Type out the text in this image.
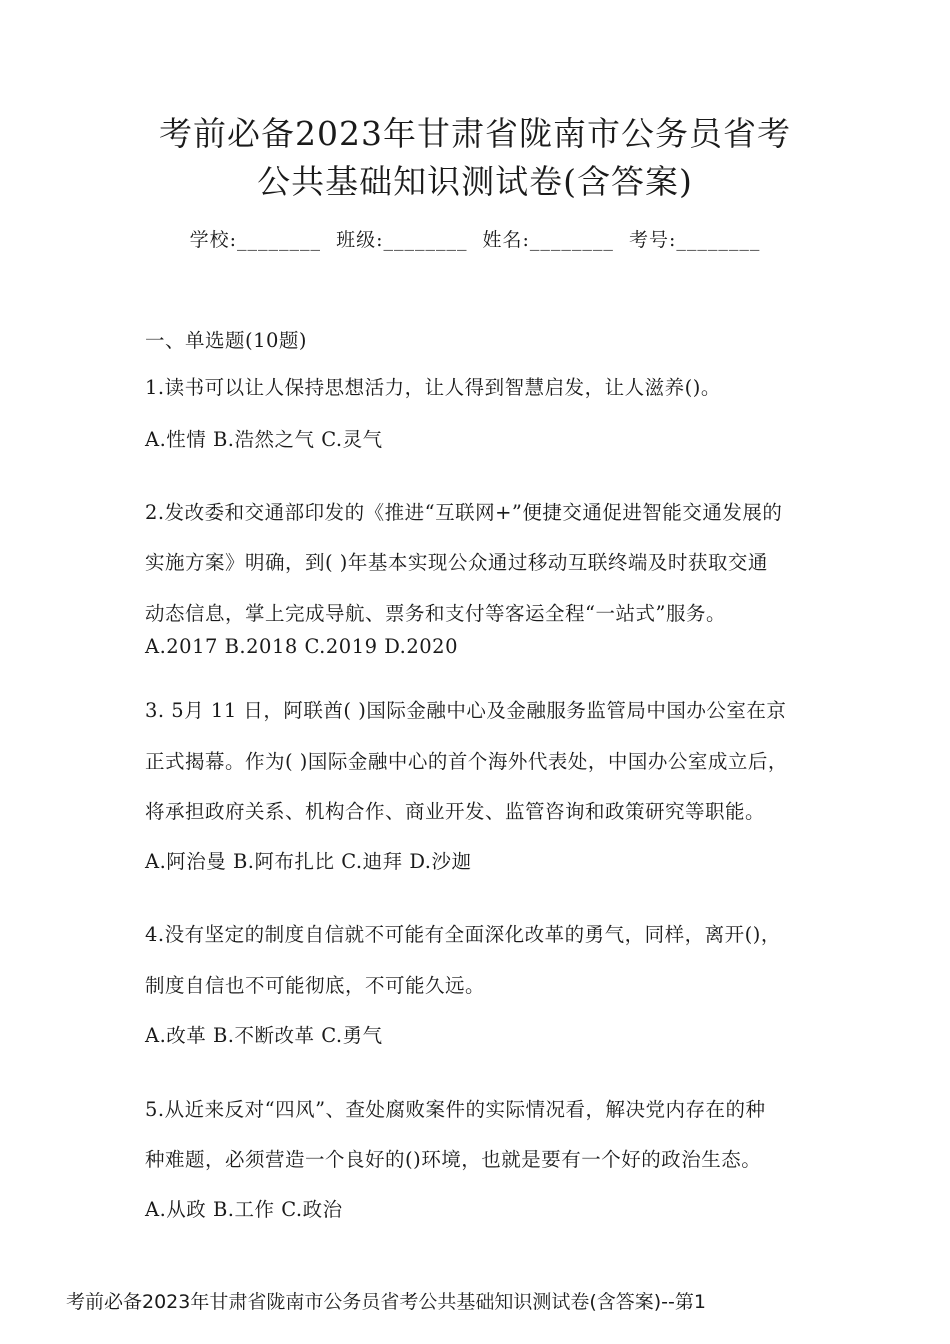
考前必备2023年甘肃省陇南市公务员省考
公共基础知识测试卷(含答案)
学校:________ 班级:________ 姓名:________ 考号:________
一、单选题(10题)
1.读书可以让人保持思想活力，让人得到智慧启发，让人滋养()。
A.性情 B.浩然之气 C.灵气
2.发改委和交通部印发的《推进“互联网+”便捷交通促进智能交通发展的
实施方案》明确，到( )年基本实现公众通过移动互联终端及时获取交通
动态信息，掌上完成导航、票务和支付等客运全程“一站式”服务。
A.2017 B.2018 C.2019 D.2020
3. 5月 11 日，阿联酋( )国际金融中心及金融服务监管局中国办公室在京
正式揭幕。作为( )国际金融中心的首个海外代表处，中国办公室成立后，
将承担政府关系、机构合作、商业开发、监管咨询和政策研究等职能。
A.阿治曼 B.阿布扎比 C.迪拜 D.沙迦
4.没有坚定的制度自信就不可能有全面深化改革的勇气，同样，离开()，
制度自信也不可能彻底，不可能久远。
A.改革 B.不断改革 C.勇气
5.从近来反对“四风”、查处腐败案件的实际情况看，解决党内存在的种
种难题，必须营造一个良好的()环境，也就是要有一个好的政治生态。
A.从政 B.工作 C.政治
考前必备2023年甘肃省陇南市公务员省考公共基础知识测试卷(含答案)--第1
